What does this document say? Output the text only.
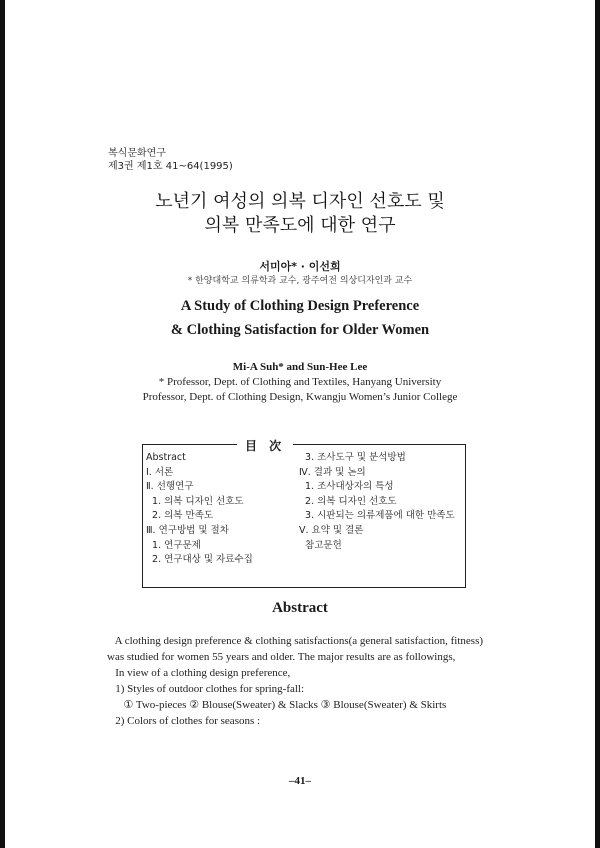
복식문화연구
제3권 제1호 41~64(1995)
노년기 여성의 의복 디자인 선호도 및
의복 만족도에 대한 연구
서미아* · 이선희
* 한양대학교 의류학과 교수, 광주여전 의상디자인과 교수
A Study of Clothing Design Preference
& Clothing Satisfaction for Older Women
Mi-A Suh* and Sun-Hee Lee
* Professor, Dept. of Clothing and Textiles, Hanyang University
Professor, Dept. of Clothing Design, Kwangju Women’s Junior College
目 次
Abstract
Ⅰ. 서론
Ⅱ. 선행연구
1. 의복 디자인 선호도
2. 의복 만족도
Ⅲ. 연구방법 및 절차
1. 연구문제
2. 연구대상 및 자료수집
3. 조사도구 및 분석방법
Ⅳ. 결과 및 논의
1. 조사대상자의 특성
2. 의복 디자인 선호도
3. 시판되는 의류제품에 대한 만족도
Ⅴ. 요약 및 결론
참고문헌
Abstract
A clothing design preference & clothing satisfactions(a general satisfaction, fitness)
was studied for women 55 years and older. The major results are as followings,
In view of a clothing design preference,
1) Styles of outdoor clothes for spring-fall:
① Two-pieces ② Blouse(Sweater) & Slacks ③ Blouse(Sweater) & Skirts
2) Colors of clothes for seasons :
–41–
